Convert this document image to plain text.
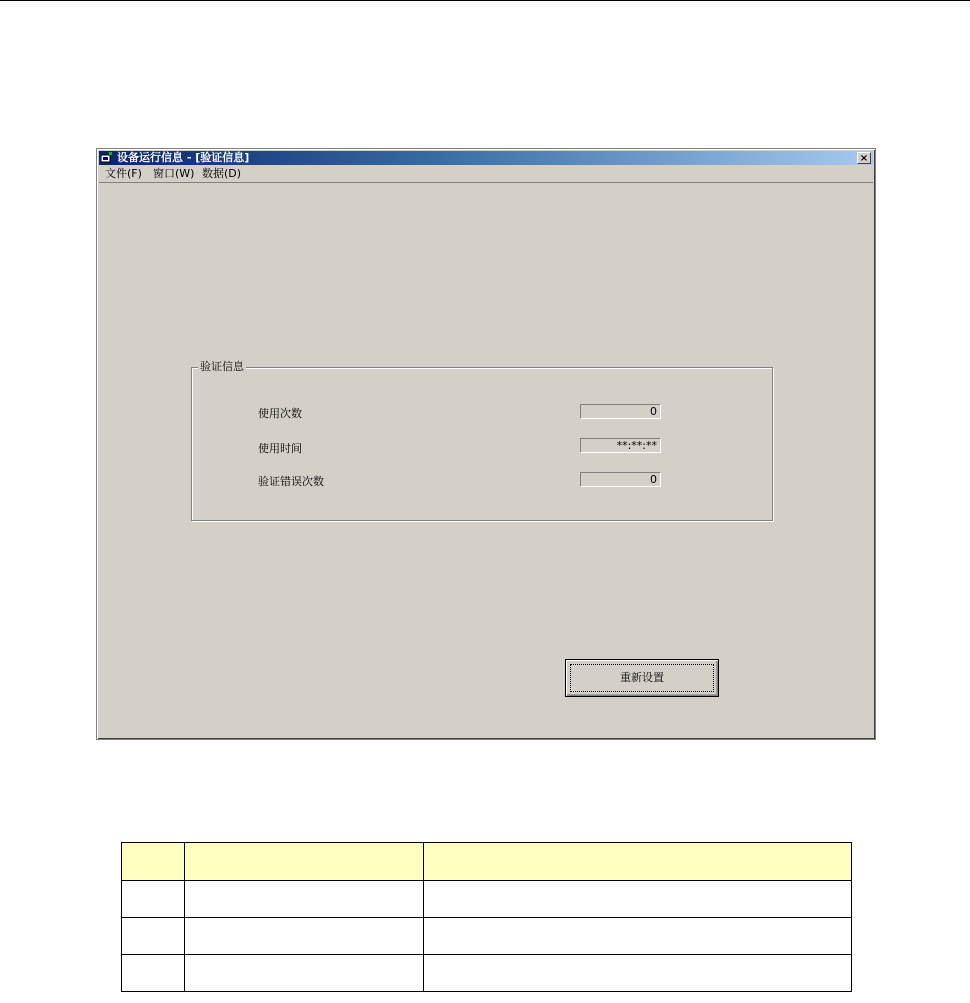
设备运行信息 - [验证信息]	×
文件(F) 窗口(W) 数据(D)
验证信息
使用次数	0
使用时间	**:**:**
验证错误次数	0
重新设置
